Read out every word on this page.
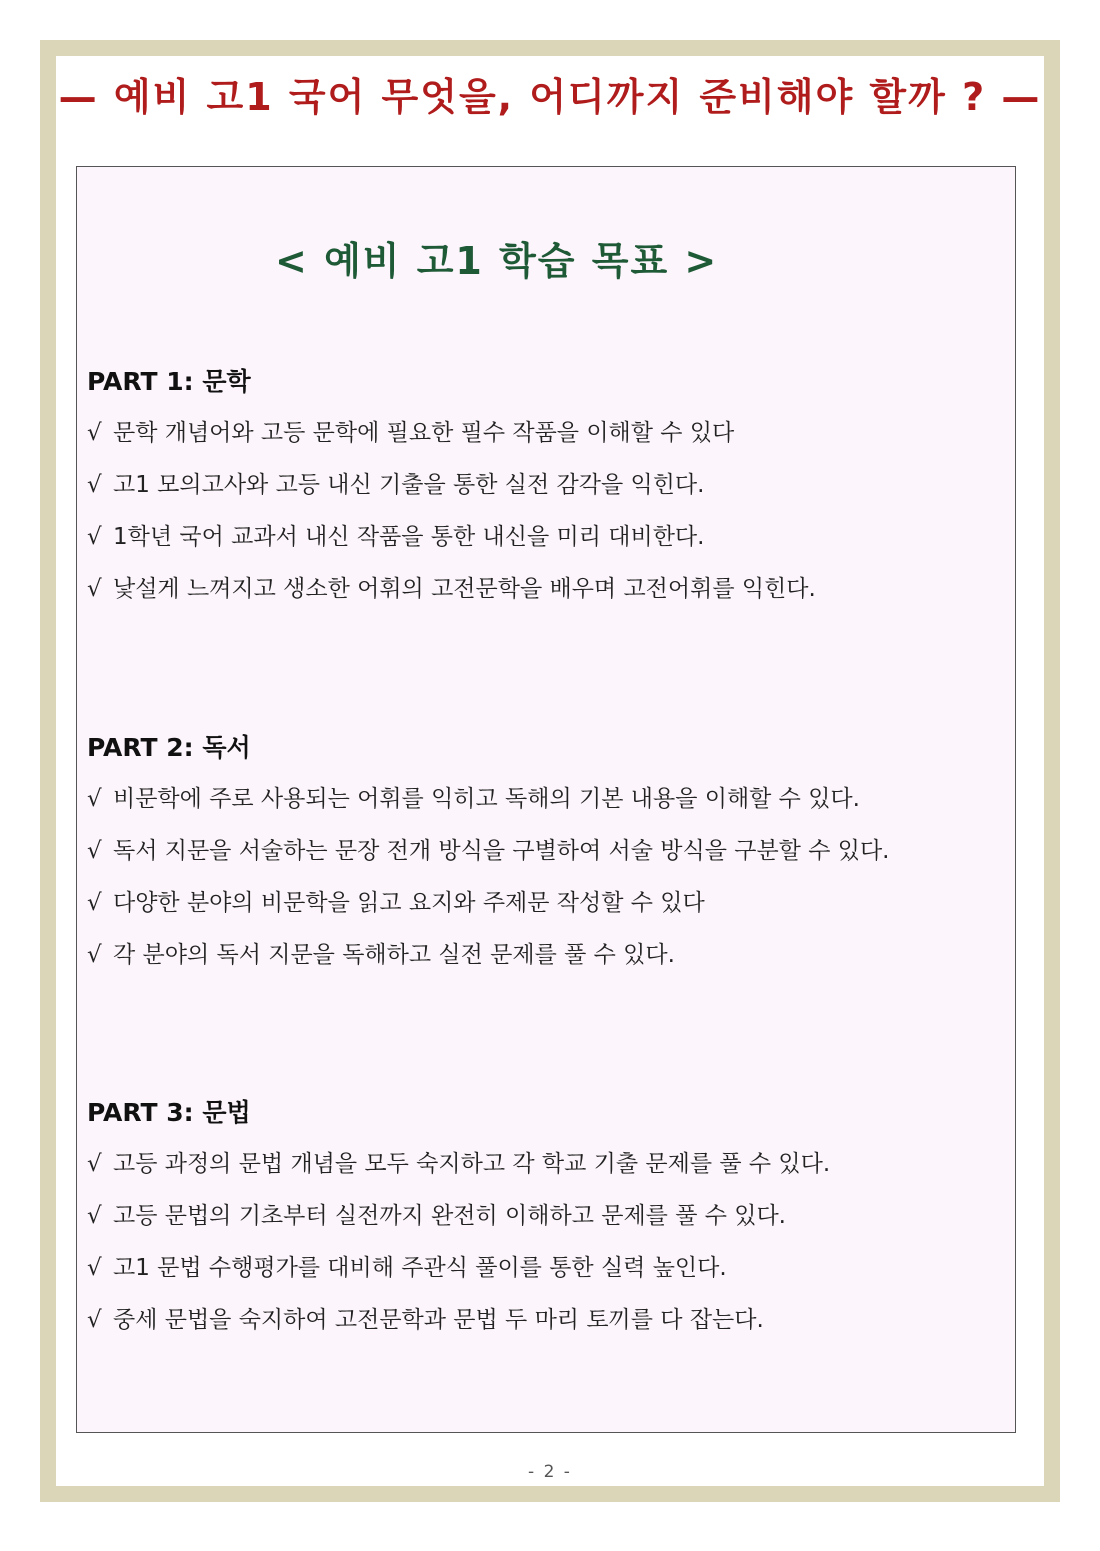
— 예비 고1 국어 무엇을, 어디까지 준비해야 할까 ? —
< 예비 고1 학습 목표 >
PART 1: 문학
√ 문학 개념어와 고등 문학에 필요한 필수 작품을 이해할 수 있다
√ 고1 모의고사와 고등 내신 기출을 통한 실전 감각을 익힌다.
√ 1학년 국어 교과서 내신 작품을 통한 내신을 미리 대비한다.
√ 낯설게 느껴지고 생소한 어휘의 고전문학을 배우며 고전어휘를 익힌다.
PART 2: 독서
√ 비문학에 주로 사용되는 어휘를 익히고 독해의 기본 내용을 이해할 수 있다.
√ 독서 지문을 서술하는 문장 전개 방식을 구별하여 서술 방식을 구분할 수 있다.
√ 다양한 분야의 비문학을 읽고 요지와 주제문 작성할 수 있다
√ 각 분야의 독서 지문을 독해하고 실전 문제를 풀 수 있다.
PART 3: 문법
√ 고등 과정의 문법 개념을 모두 숙지하고 각 학교 기출 문제를 풀 수 있다.
√ 고등 문법의 기초부터 실전까지 완전히 이해하고 문제를 풀 수 있다.
√ 고1 문법 수행평가를 대비해 주관식 풀이를 통한 실력 높인다.
√ 중세 문법을 숙지하여 고전문학과 문법 두 마리 토끼를 다 잡는다.
- 2 -
